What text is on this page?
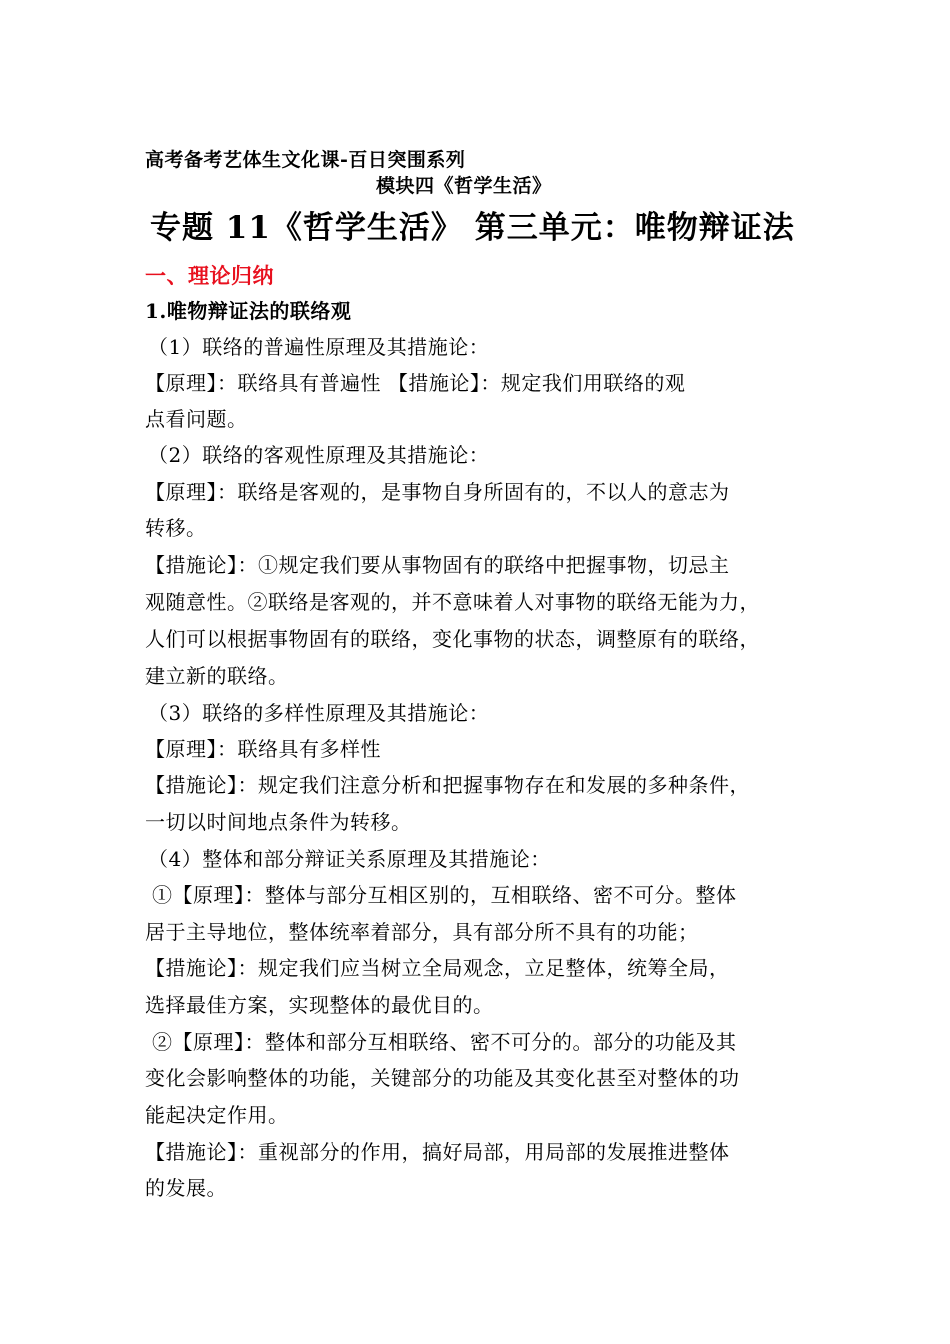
高考备考艺体生文化课-百日突围系列
模块四《哲学生活》
专题 11《哲学生活》 第三单元：唯物辩证法
一、理论归纳
1.唯物辩证法的联络观
（1）联络的普遍性原理及其措施论：
【原理】：联络具有普遍性 【措施论】：规定我们用联络的观
点看问题。
（2）联络的客观性原理及其措施论：
【原理】：联络是客观的，是事物自身所固有的，不以人的意志为
转移。
【措施论】：①规定我们要从事物固有的联络中把握事物，切忌主
观随意性。②联络是客观的，并不意味着人对事物的联络无能为力，
人们可以根据事物固有的联络，变化事物的状态，调整原有的联络，
建立新的联络。
（3）联络的多样性原理及其措施论：
【原理】：联络具有多样性
【措施论】：规定我们注意分析和把握事物存在和发展的多种条件，
一切以时间地点条件为转移。
（4）整体和部分辩证关系原理及其措施论：
①【原理】：整体与部分互相区别的，互相联络、密不可分。整体
居于主导地位，整体统率着部分，具有部分所不具有的功能；
【措施论】：规定我们应当树立全局观念，立足整体，统筹全局，
选择最佳方案，实现整体的最优目的。
②【原理】：整体和部分互相联络、密不可分的。部分的功能及其
变化会影响整体的功能，关键部分的功能及其变化甚至对整体的功
能起决定作用。
【措施论】：重视部分的作用，搞好局部，用局部的发展推进整体
的发展。
